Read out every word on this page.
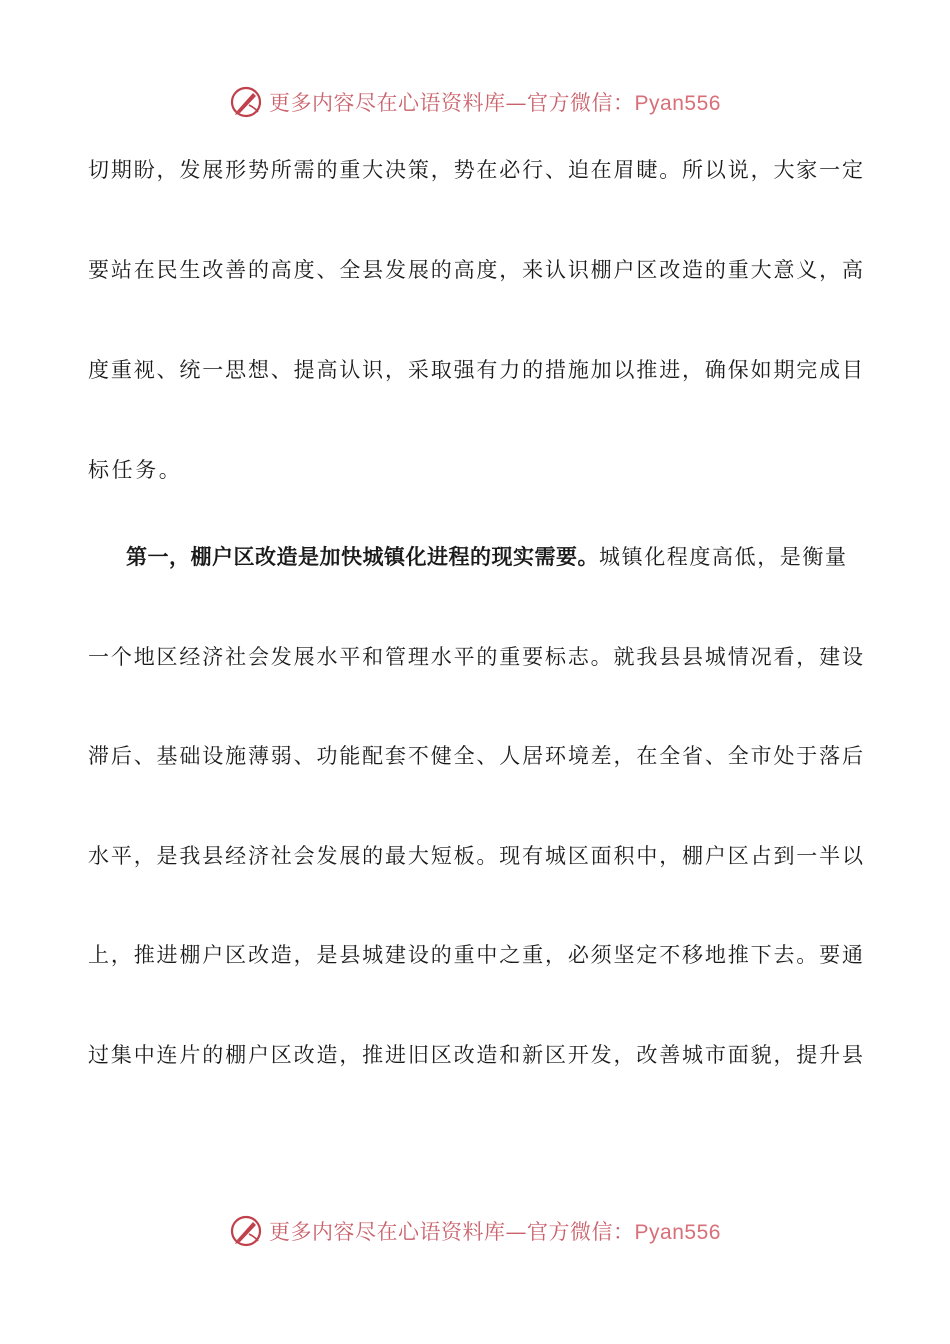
更多内容尽在心语资料库—官方微信：Pyan556
切期盼，发展形势所需的重大决策，势在必行、迫在眉睫。所以说，大家一定
要站在民生改善的高度、全县发展的高度，来认识棚户区改造的重大意义，高
度重视、统一思想、提高认识，采取强有力的措施加以推进，确保如期完成目
标任务。
第一，棚户区改造是加快城镇化进程的现实需要。城镇化程度高低，是衡量
一个地区经济社会发展水平和管理水平的重要标志。就我县县城情况看，建设
滞后、基础设施薄弱、功能配套不健全、人居环境差，在全省、全市处于落后
水平，是我县经济社会发展的最大短板。现有城区面积中，棚户区占到一半以
上，推进棚户区改造，是县城建设的重中之重，必须坚定不移地推下去。要通
过集中连片的棚户区改造，推进旧区改造和新区开发，改善城市面貌，提升县
更多内容尽在心语资料库—官方微信：Pyan556
